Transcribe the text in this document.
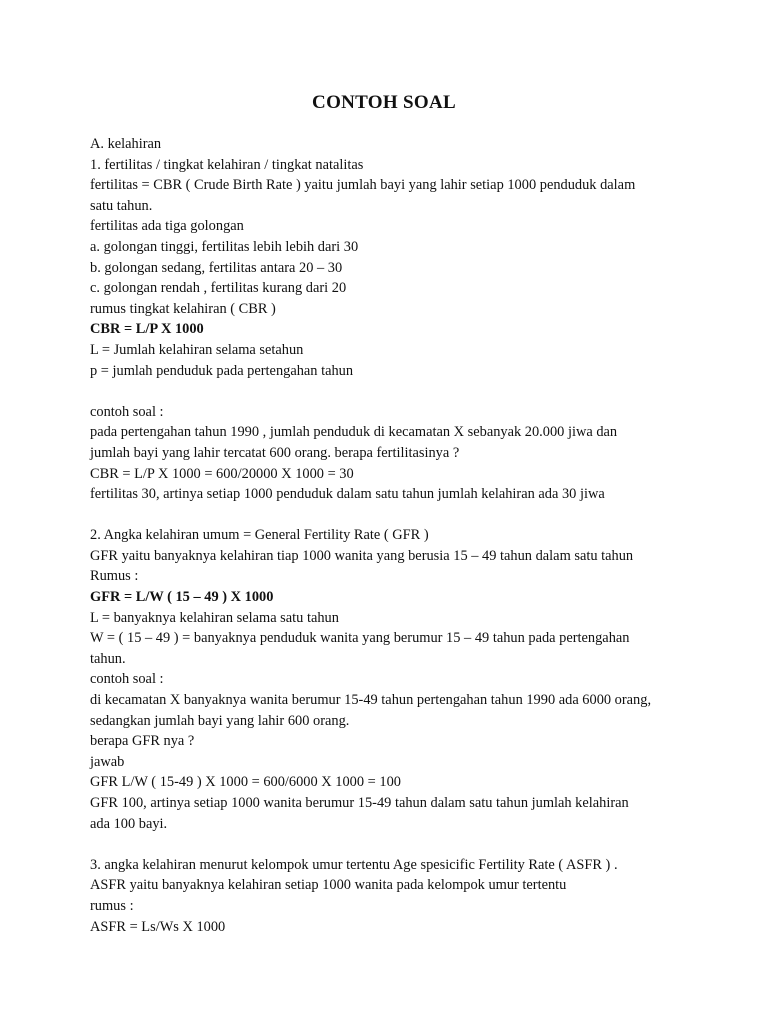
CONTOH SOAL
A. kelahiran
1. fertilitas / tingkat kelahiran / tingkat natalitas
fertilitas = CBR ( Crude Birth Rate ) yaitu jumlah bayi yang lahir setiap 1000 penduduk dalam
satu tahun.
fertilitas ada tiga golongan
a. golongan tinggi, fertilitas lebih lebih dari 30
b. golongan sedang, fertilitas antara 20 – 30
c. golongan rendah , fertilitas kurang dari 20
rumus tingkat kelahiran ( CBR )
CBR = L/P X 1000
L = Jumlah kelahiran selama setahun
p = jumlah penduduk pada pertengahan tahun
contoh soal :
pada pertengahan tahun 1990 , jumlah penduduk di kecamatan X sebanyak 20.000 jiwa dan
jumlah bayi yang lahir tercatat 600 orang. berapa fertilitasinya ?
CBR = L/P X 1000 = 600/20000 X 1000 = 30
fertilitas 30, artinya setiap 1000 penduduk dalam satu tahun jumlah kelahiran ada 30 jiwa
2. Angka kelahiran umum = General Fertility Rate ( GFR )
GFR yaitu banyaknya kelahiran tiap 1000 wanita yang berusia 15 – 49 tahun dalam satu tahun
Rumus :
GFR = L/W ( 15 – 49 ) X 1000
L = banyaknya kelahiran selama satu tahun
W = ( 15 – 49 ) = banyaknya penduduk wanita yang berumur 15 – 49 tahun pada pertengahan
tahun.
contoh soal :
di kecamatan X banyaknya wanita berumur 15-49 tahun pertengahan tahun 1990 ada 6000 orang,
sedangkan jumlah bayi yang lahir 600 orang.
berapa GFR nya ?
jawab
GFR L/W ( 15-49 ) X 1000 = 600/6000 X 1000 = 100
GFR 100, artinya setiap 1000 wanita berumur 15-49 tahun dalam satu tahun jumlah kelahiran
ada 100 bayi.
3. angka kelahiran menurut kelompok umur tertentu Age spesicific Fertility Rate ( ASFR ) .
ASFR yaitu banyaknya kelahiran setiap 1000 wanita pada kelompok umur tertentu
rumus :
ASFR = Ls/Ws X 1000
